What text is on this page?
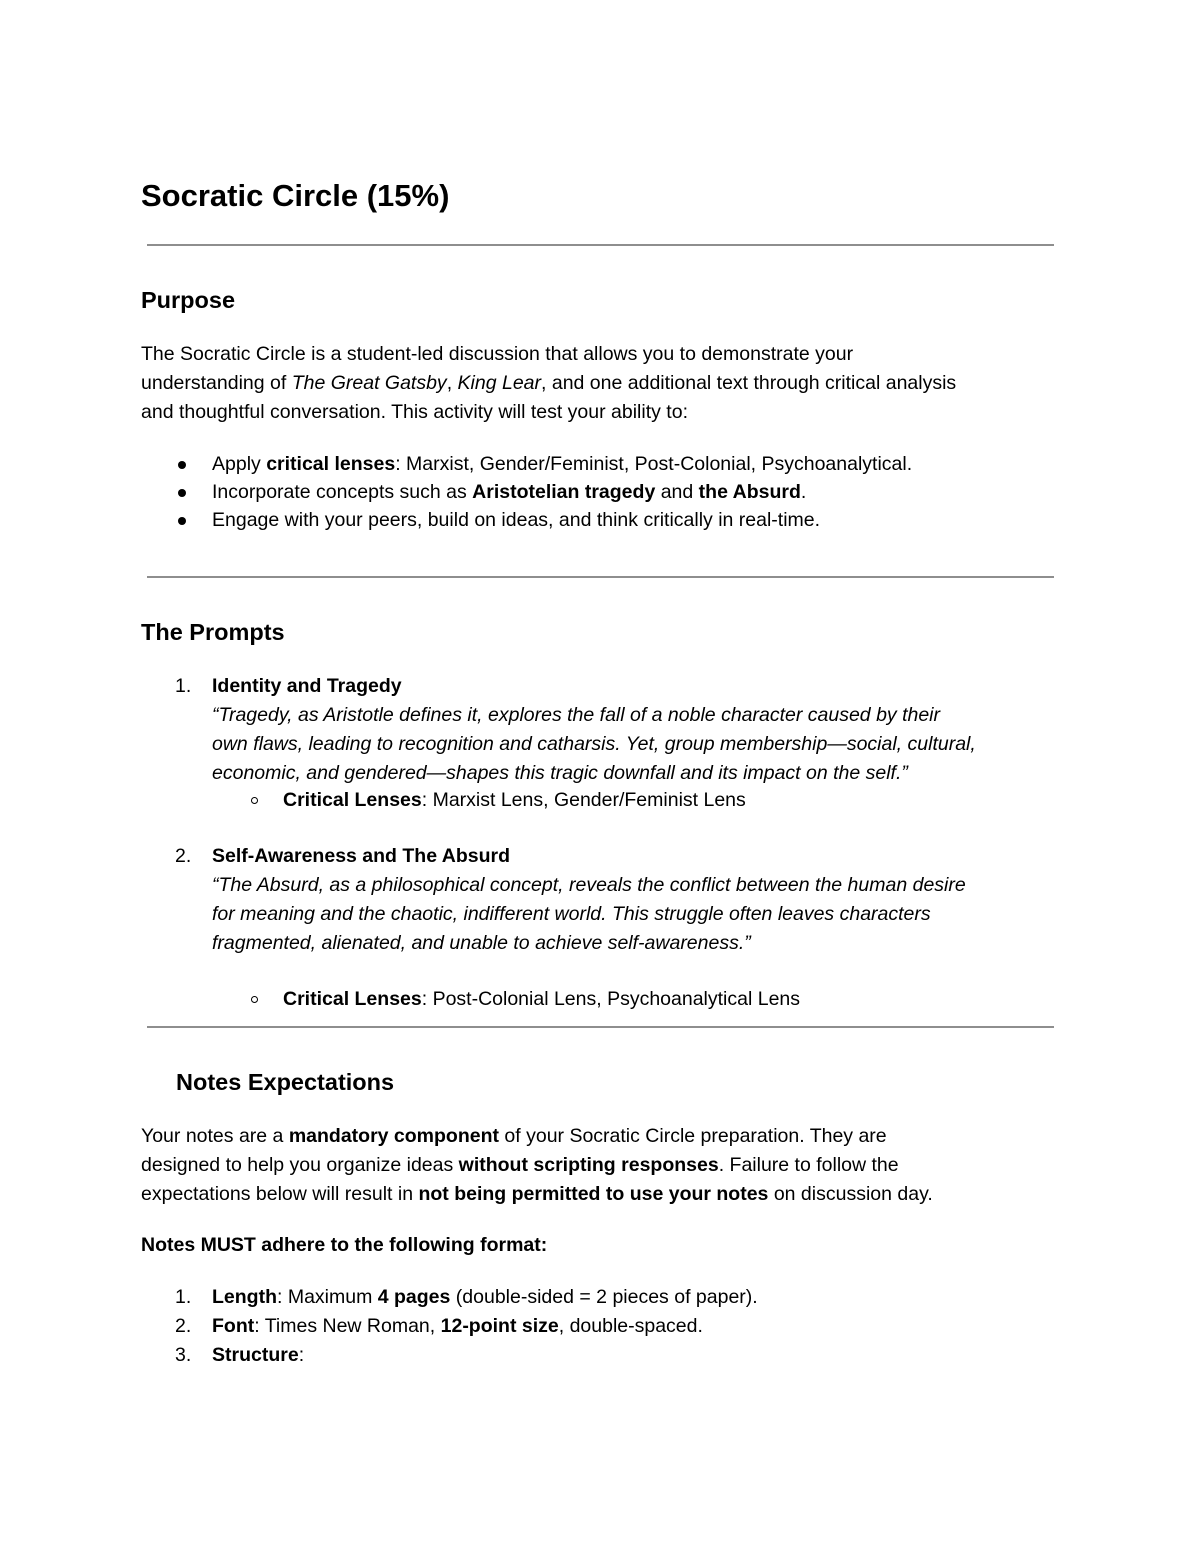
Socratic Circle (15%)
Purpose
The Socratic Circle is a student-led discussion that allows you to demonstrate your
understanding of The Great Gatsby, King Lear, and one additional text through critical analysis
and thoughtful conversation. This activity will test your ability to:
Apply critical lenses: Marxist, Gender/Feminist, Post-Colonial, Psychoanalytical.
Incorporate concepts such as Aristotelian tragedy and the Absurd.
Engage with your peers, build on ideas, and think critically in real-time.
The Prompts
1.	Identity and Tragedy
“Tragedy, as Aristotle defines it, explores the fall of a noble character caused by their
own flaws, leading to recognition and catharsis. Yet, group membership—social, cultural,
economic, and gendered—shapes this tragic downfall and its impact on the self.”
Critical Lenses: Marxist Lens, Gender/Feminist Lens
2.	Self-Awareness and The Absurd
“The Absurd, as a philosophical concept, reveals the conflict between the human desire
for meaning and the chaotic, indifferent world. This struggle often leaves characters
fragmented, alienated, and unable to achieve self-awareness.”
Critical Lenses: Post-Colonial Lens, Psychoanalytical Lens
Notes Expectations
Your notes are a mandatory component of your Socratic Circle preparation. They are
designed to help you organize ideas without scripting responses. Failure to follow the
expectations below will result in not being permitted to use your notes on discussion day.
Notes MUST adhere to the following format:
1.	Length: Maximum 4 pages (double-sided = 2 pieces of paper).
2.	Font: Times New Roman, 12-point size, double-spaced.
3.	Structure:
